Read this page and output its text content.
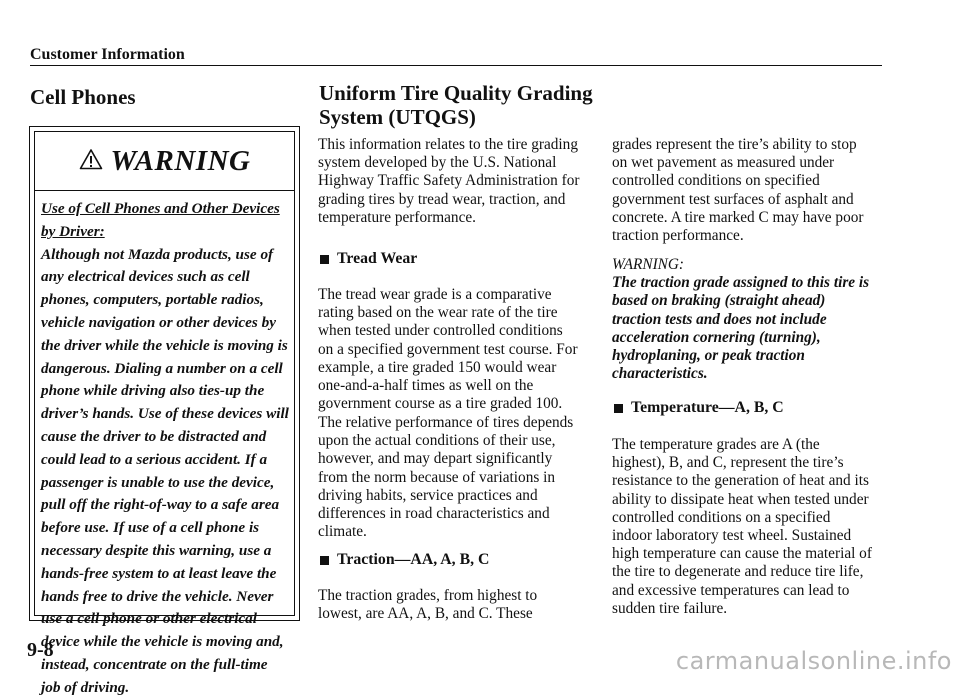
Customer Information
Cell Phones
WARNING
Use of Cell Phones and Other Devices by Driver:
Although not Mazda products, use of any electrical devices such as cell phones, computers, portable radios, vehicle navigation or other devices by the driver while the vehicle is moving is dangerous. Dialing a number on a cell phone while driving also ties-up the driver’s hands. Use of these devices will cause the driver to be distracted and could lead to a serious accident. If a passenger is unable to use the device, pull off the right-of-way to a safe area before use. If use of a cell phone is necessary despite this warning, use a hands-free system to at least leave the hands free to drive the vehicle. Never use a cell phone or other electrical device while the vehicle is moving and, instead, concentrate on the full-time job of driving.
Uniform Tire Quality Grading
System (UTQGS)

This information relates to the tire grading system developed by the U.S. National Highway Traffic Safety Administration for grading tires by tread wear, traction, and temperature performance.

Tread Wear

The tread wear grade is a comparative rating based on the wear rate of the tire when tested under controlled conditions on a specified government test course. For example, a tire graded 150 would wear one-and-a-half times as well on the government course as a tire graded 100.

The relative performance of tires depends upon the actual conditions of their use, however, and may depart significantly from the norm because of variations in driving habits, service practices and differences in road characteristics and climate.

Traction—AA, A, B, C

The traction grades, from highest to lowest, are AA, A, B, and C. These

grades represent the tire’s ability to stop on wet pavement as measured under controlled conditions on specified government test surfaces of asphalt and concrete. A tire marked C may have poor traction performance.

WARNING:
The traction grade assigned to this tire is based on braking (straight ahead) traction tests and does not include acceleration cornering (turning), hydroplaning, or peak traction characteristics.
Temperature—A, B, C

The temperature grades are A (the highest), B, and C, represent the tire’s resistance to the generation of heat and its ability to dissipate heat when tested under controlled conditions on a specified indoor laboratory test wheel. Sustained high temperature can cause the material of the tire to degenerate and reduce tire life, and excessive temperatures can lead to sudden tire failure.

9-8	carmanualsonline.info
